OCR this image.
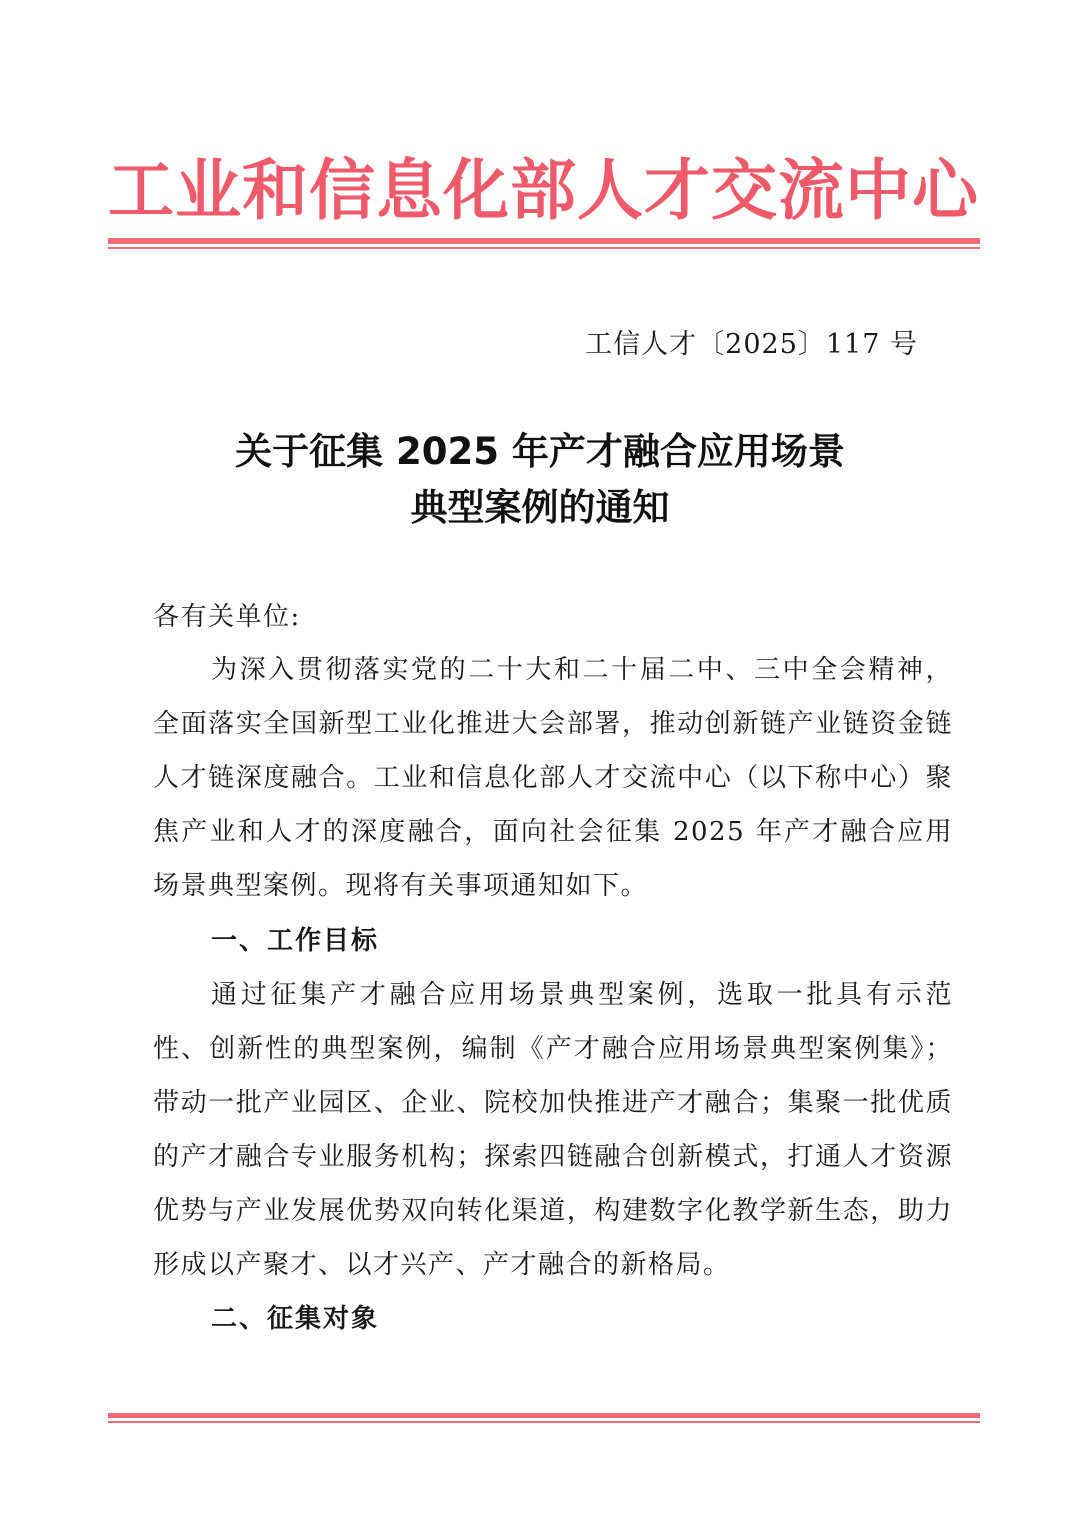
工业和信息化部人才交流中心
工信人才〔2025〕117 号
关于征集 2025 年产才融合应用场景
典型案例的通知
各有关单位:
为深入贯彻落实党的二十大和二十届二中、三中全会精神，全面落实全国新型工业化推进大会部署，推动创新链产业链资金链人才链深度融合。工业和信息化部人才交流中心（以下称中心）聚焦产业和人才的深度融合，面向社会征集 2025 年产才融合应用场景典型案例。现将有关事项通知如下。
一、工作目标
通过征集产才融合应用场景典型案例，选取一批具有示范性、创新性的典型案例，编制《产才融合应用场景典型案例集》；带动一批产业园区、企业、院校加快推进产才融合；集聚一批优质的产才融合专业服务机构；探索四链融合创新模式，打通人才资源优势与产业发展优势双向转化渠道，构建数字化教学新生态，助力形成以产聚才、以才兴产、产才融合的新格局。
二、征集对象
